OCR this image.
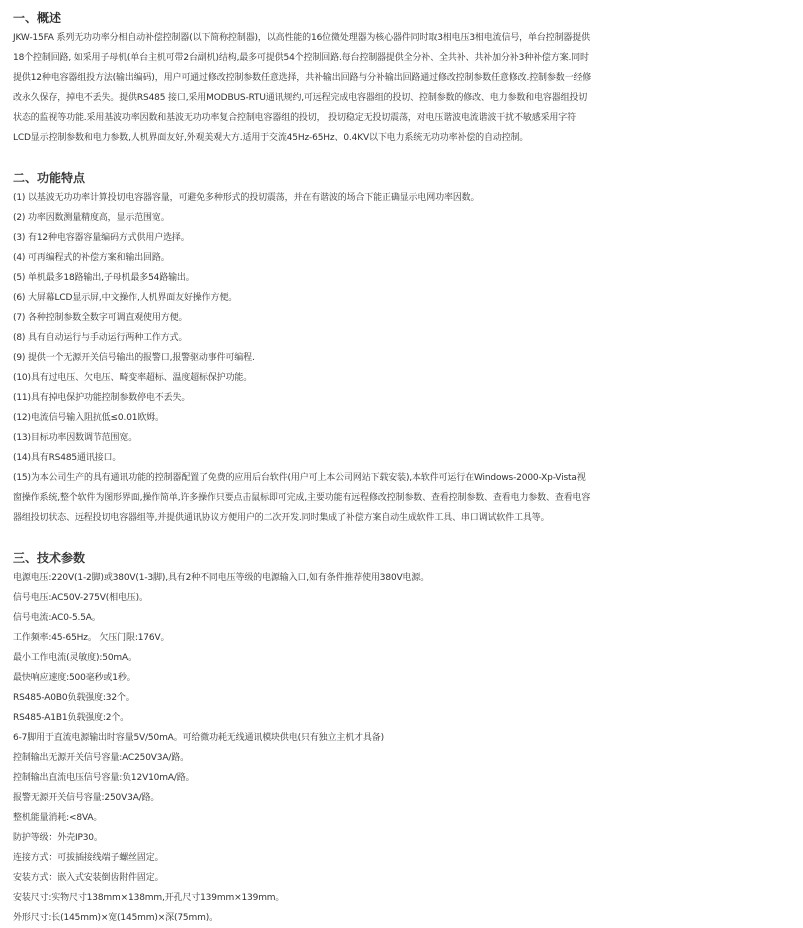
一、概述
JKW-15FA 系列无功功率分相自动补偿控制器(以下简称控制器)，以高性能的16位微处理器为核心器件同时取3相电压3相电流信号，单台控制器提供
18个控制回路, 如采用子母机(单台主机可带2台副机)结构,最多可提供54个控制回路.每台控制器提供全分补、全共补、共补加分补3种补偿方案.同时
提供12种电容器组投方法(输出编码)，用户可通过修改控制参数任意选择，共补输出回路与分补输出回路通过修改控制参数任意修改.控制参数一经修
改永久保存，掉电不丢失。提供RS485 接口,采用MODBUS-RTU通讯规约,可远程完成电容器组的投切、控制参数的修改、电力参数和电容器组投切
状态的监视等功能.采用基波功率因数和基波无功功率复合控制电容器组的投切， 投切稳定无投切震荡，对电压谐波电流谐波干扰不敏感采用字符
LCD显示控制参数和电力参数,人机界面友好,外观美观大方.适用于交流45Hz-65Hz、0.4KV以下电力系统无功功率补偿的自动控制。
二、功能特点
(1) 以基波无功功率计算投切电容器容量，可避免多种形式的投切震荡，并在有谐波的场合下能正确显示电网功率因数。
(2) 功率因数测量精度高，显示范围宽。
(3) 有12种电容器容量编码方式供用户选择。
(4) 可再编程式的补偿方案和输出回路。
(5) 单机最多18路输出,子母机最多54路输出。
(6) 大屏幕LCD显示屏,中文操作,人机界面友好操作方便。
(7) 各种控制参数全数字可调直观使用方便。
(8) 具有自动运行与手动运行两种工作方式。
(9) 提供一个无源开关信号输出的报警口,报警驱动事件可编程.
(10)具有过电压、欠电压、畸变率超标、温度超标保护功能。
(11)具有掉电保护功能控制参数停电不丢失。
(12)电流信号输入阻抗低≤0.01欧姆。
(13)目标功率因数调节范围宽。
(14)具有RS485通讯接口。
(15)为本公司生产的具有通讯功能的控制器配置了免费的应用后台软件(用户可上本公司网站下载安装),本软件可运行在Windows-2000-Xp-Vista视
窗操作系统,整个软件为图形界面,操作简单,许多操作只要点击鼠标即可完成,主要功能有远程修改控制参数、查看控制参数、查看电力参数、查看电容
器组投切状态、远程投切电容器组等,并提供通讯协议方便用户的二次开发.同时集成了补偿方案自动生成软件工具、串口调试软件工具等。
三、技术参数
电源电压:220V(1-2脚)或380V(1-3脚),具有2种不同电压等级的电源输入口,如有条件推荐使用380V电源。
信号电压:AC50V-275V(相电压)。
信号电流:AC0-5.5A。
工作频率:45-65Hz。 欠压门限:176V。
最小工作电流(灵敏度):50mA。
最快响应速度:500毫秒或1秒。
RS485-A0B0负载强度:32个。
RS485-A1B1负载强度:2个。
6-7脚用于直流电源输出时容量5V/50mA。可给微功耗无线通讯模块供电(只有独立主机才具备)
控制输出无源开关信号容量:AC250V3A/路。
控制输出直流电压信号容量:负12V10mA/路。
报警无源开关信号容量:250V3A/路。
整机能量消耗:<8VA。
防护等级：外壳IP30。
连接方式：可拔插接线端子螺丝固定。
安装方式：嵌入式安装倒齿附件固定。
安装尺寸:实物尺寸138mm×138mm,开孔尺寸139mm×139mm。
外形尺寸:长(145mm)×宽(145mm)×深(75mm)。
